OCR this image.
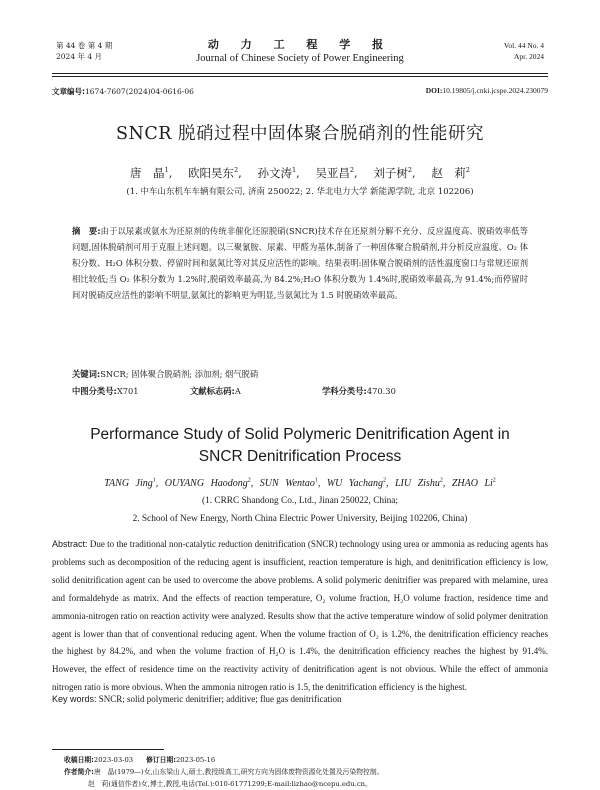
第 44 卷 第 4 期
2024 年 4 月
动 力 工 程 学 报
Journal of Chinese Society of Power Engineering
Vol. 44 No. 4
Apr. 2024
文章编号:1674-7607(2024)04-0616-06	DOI:10.19805/j.cnki.jcspe.2024.230079
SNCR 脱硝过程中固体聚合脱硝剂的性能研究
唐　晶$^1$, 欧阳昊东$^2$, 孙文涛$^1$, 吴亚昌$^2$, 刘子树$^2$, 赵　莉$^2$
(1. 中车山东机车车辆有限公司, 济南 250022; 2. 华北电力大学 新能源学院, 北京 102206)
摘　要:由于以尿素或氨水为还原剂的传统非催化还原脱硝(SNCR)技术存在还原剂分解不充分、反应温度高、脱硝效率低等问题,固体脱硝剂可用于克服上述问题。以三聚氰胺、尿素、甲醛为基体,制备了一种固体聚合脱硝剂,并分析反应温度、O₂ 体积分数、H₂O 体积分数、停留时间和氨氮比等对其反应活性的影响。结果表明:固体聚合脱硝剂的活性温度窗口与常规还原剂相比较低;当 O₂ 体积分数为 1.2%时,脱硝效率最高,为 84.2%;H₂O 体积分数为 1.4%时,脱硝效率最高,为 91.4%;而停留时间对脱硝反应活性的影响不明显,氨氮比的影响更为明显,当氨氮比为 1.5 时脱硝效率最高。
关键词:SNCR; 固体聚合脱硝剂; 添加剂; 烟气脱硝
中图分类号:X701	文献标志码:A	学科分类号:470.30
Performance Study of Solid Polymeric Denitrification Agent in SNCR Denitrification Process
TANG Jing$^1$, OUYANG Haodong$^2$, SUN Wentao$^1$, WU Yachang$^2$, LIU Zishu$^2$, ZHAO Li$^2$
(1. CRRC Shandong Co., Ltd., Jinan 250022, China;
2. School of New Energy, North China Electric Power University, Beijing 102206, China)
Abstract: Due to the traditional non-catalytic reduction denitrification (SNCR) technology using urea or ammonia as reducing agents has problems such as decomposition of the reducing agent is insufficient, reaction temperature is high, and denitrification efficiency is low, solid denitrification agent can be used to overcome the above problems. A solid polymeric denitrifier was prepared with melamine, urea and formaldehyde as matrix. And the effects of reaction temperature, O₂ volume fraction, H₂O volume fraction, residence time and ammonia-nitrogen ratio on reaction activity were analyzed. Results show that the active temperature window of solid polymer denitration agent is lower than that of conventional reducing agent. When the volume fraction of O₂ is 1.2%, the denitrification efficiency reaches the highest by 84.2%, and when the volume fraction of H₂O is 1.4%, the denitrification efficiency reaches the highest by 91.4%. However, the effect of residence time on the reactivity activity of denitrification agent is not obvious. While the effect of ammonia nitrogen ratio is more obvious. When the ammonia nitrogen ratio is 1.5, the denitrification efficiency is the highest.
Key words: SNCR; solid polymeric denitrifier; additive; flue gas denitrification
收稿日期:2023-03-03 修订日期:2023-05-16
作者简介:唐　晶(1979—)女,山东梁山人,硕士,教授级高工,研究方向为固体废物资源化处置及污染物控制。
赵　莉(通信作者)女,博士,教授,电话(Tel.):010-61771299;E-mail:lizhao@ncepu.edu.cn。
